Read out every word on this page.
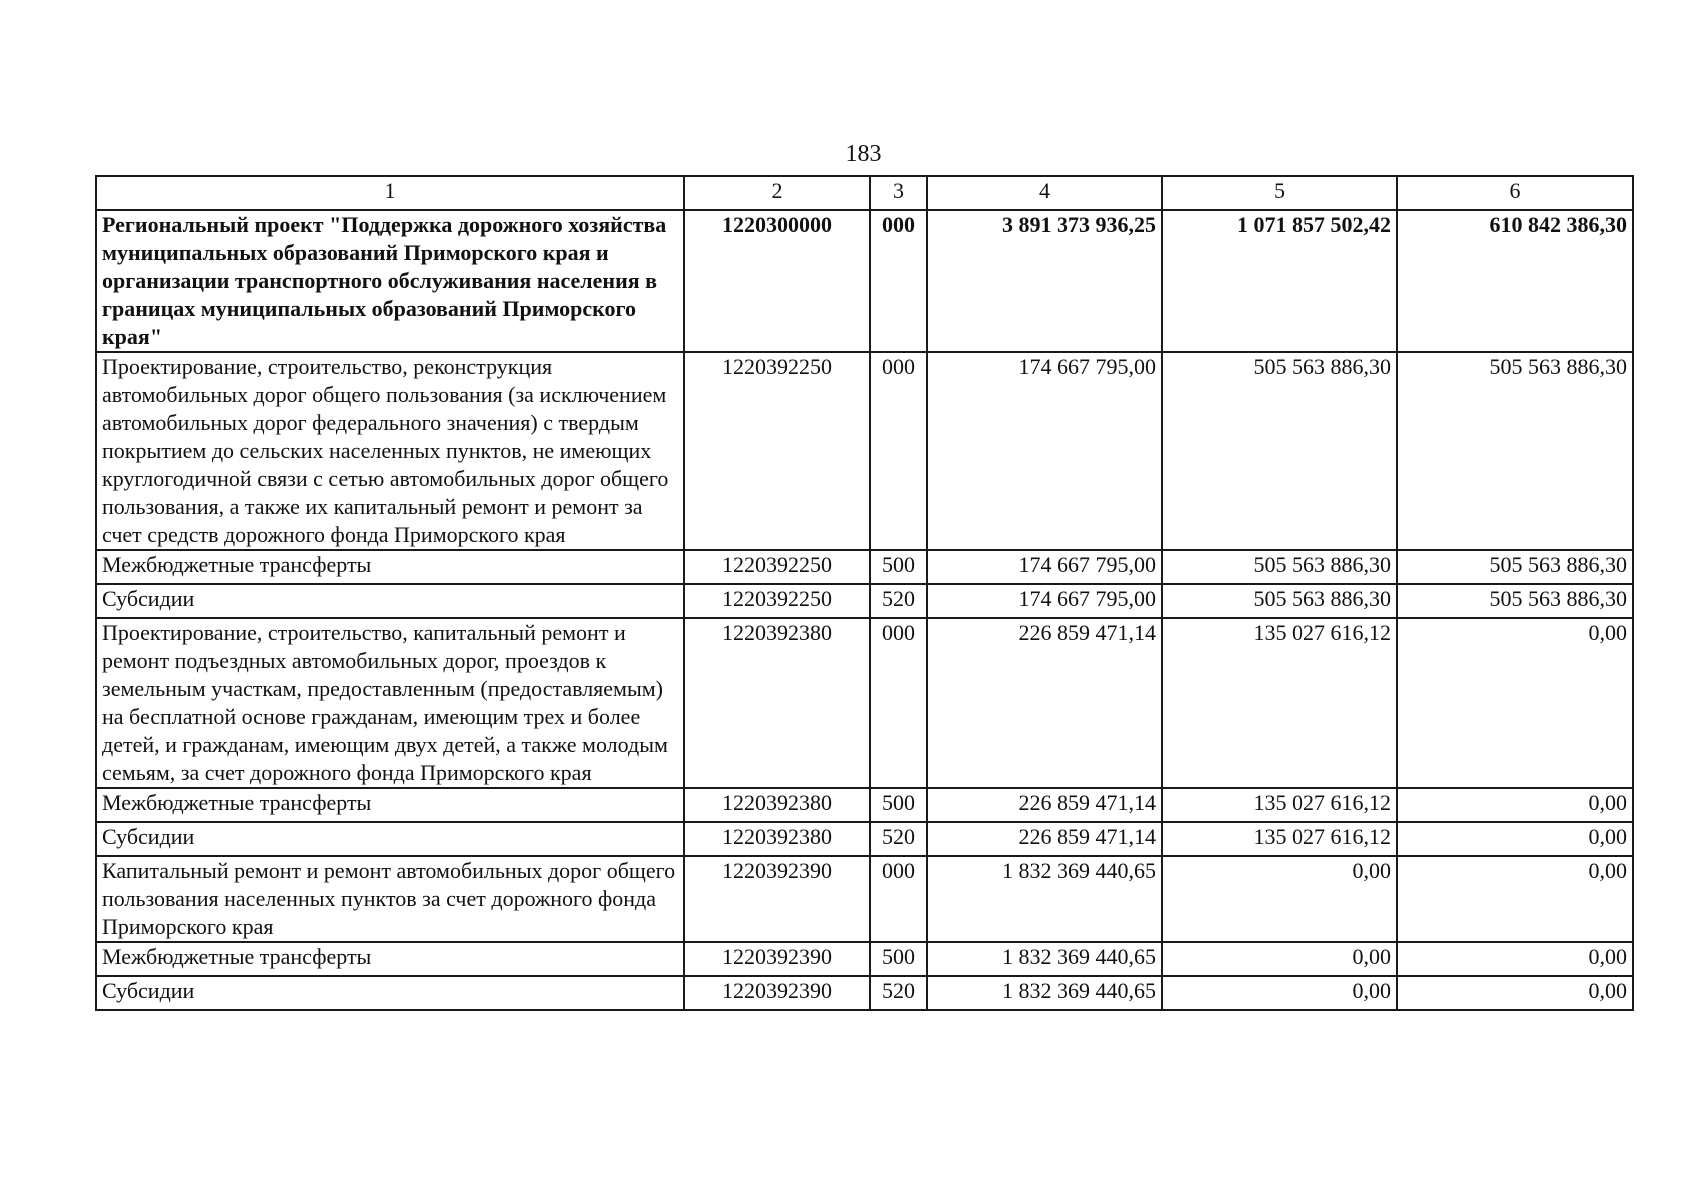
183
1	2	3	4	5	6
Региональный проект "Поддержка дорожного хозяйства муниципальных образований Приморского края и организации транспортного обслуживания населения в границах муниципальных образований Приморского края"	1220300000	000	3 891 373 936,25	1 071 857 502,42	610 842 386,30
Проектирование, строительство, реконструкция автомобильных дорог общего пользования (за исключением автомобильных дорог федерального значения) с твердым покрытием до сельских населенных пунктов, не имеющих круглогодичной связи с сетью автомобильных дорог общего пользования, а также их капитальный ремонт и ремонт за счет средств дорожного фонда Приморского края	1220392250	000	174 667 795,00	505 563 886,30	505 563 886,30
Межбюджетные трансферты	1220392250	500	174 667 795,00	505 563 886,30	505 563 886,30
Субсидии	1220392250	520	174 667 795,00	505 563 886,30	505 563 886,30
Проектирование, строительство, капитальный ремонт и ремонт подъездных автомобильных дорог, проездов к земельным участкам, предоставленным (предоставляемым) на бесплатной основе гражданам, имеющим трех и более детей, и гражданам, имеющим двух детей, а также молодым семьям, за счет дорожного фонда Приморского края	1220392380	000	226 859 471,14	135 027 616,12	0,00
Межбюджетные трансферты	1220392380	500	226 859 471,14	135 027 616,12	0,00
Субсидии	1220392380	520	226 859 471,14	135 027 616,12	0,00
Капитальный ремонт и ремонт автомобильных дорог общего пользования населенных пунктов за счет дорожного фонда Приморского края	1220392390	000	1 832 369 440,65	0,00	0,00
Межбюджетные трансферты	1220392390	500	1 832 369 440,65	0,00	0,00
Субсидии	1220392390	520	1 832 369 440,65	0,00	0,00
